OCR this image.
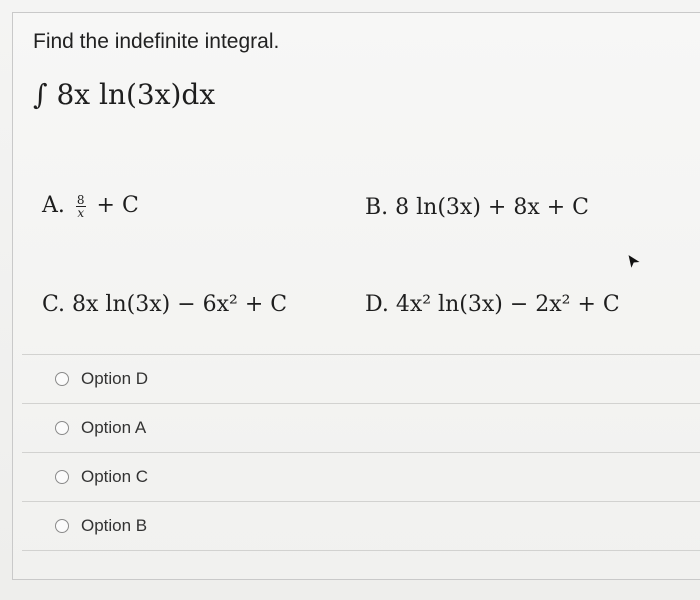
Find the indefinite integral.
∫ 8x ln(3x)dx
A. $\frac{8}{x} + C$	B. 8 ln(3x) + 8x + C
C. 8x ln(3x) − 6x² + C	D. 4x² ln(3x) − 2x² + C
Option D
Option A
Option C
Option B
